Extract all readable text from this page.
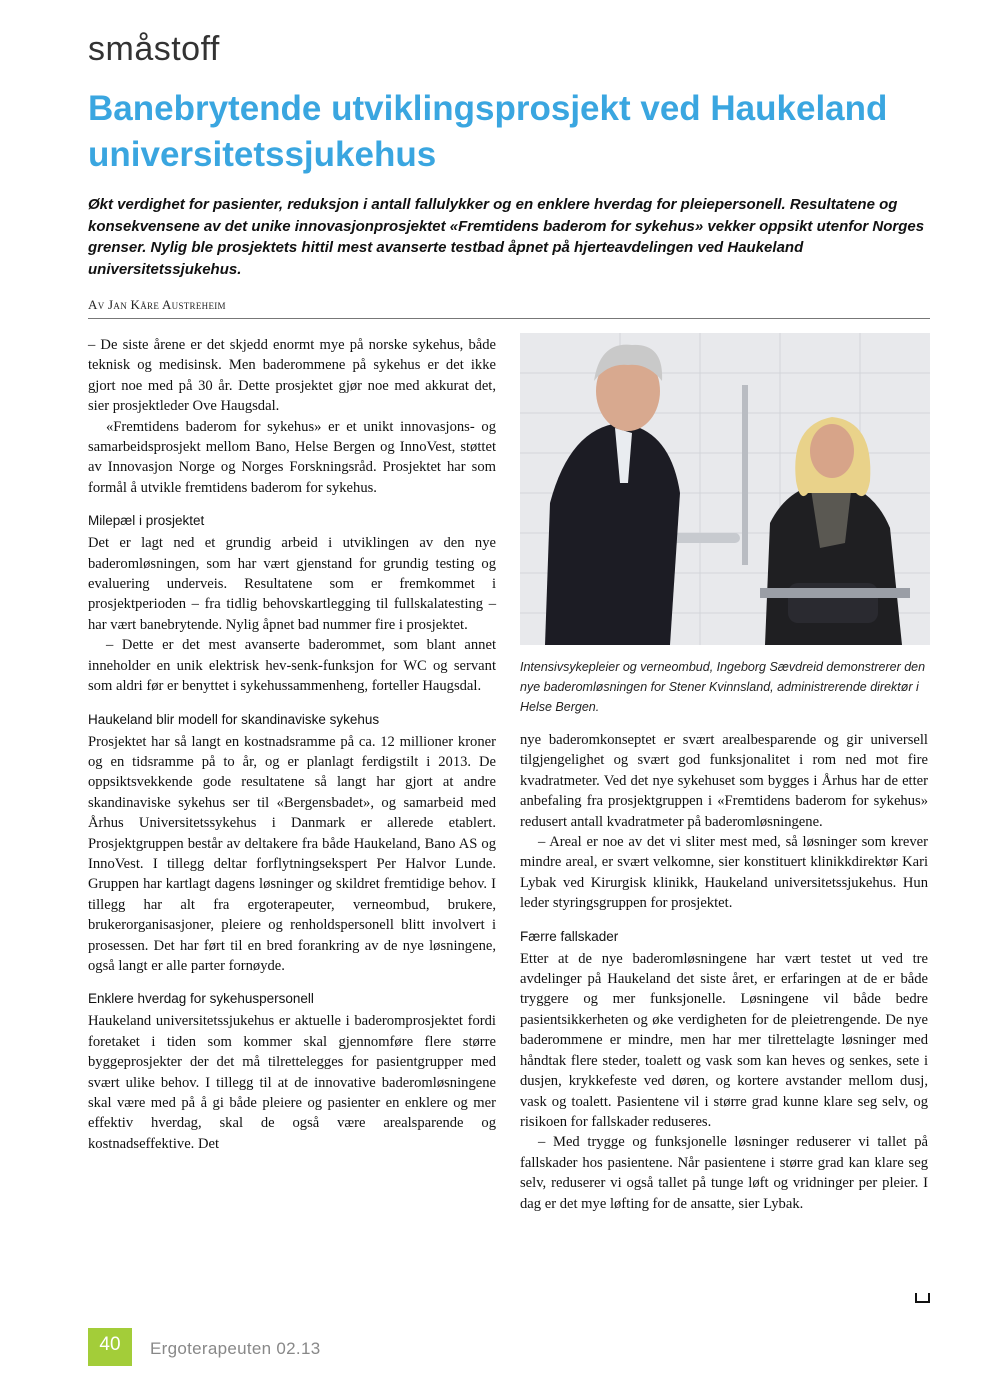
småstoff
Banebrytende utviklingsprosjekt ved Haukeland universitetssjukehus

Økt verdighet for pasienter, reduksjon i antall fallulykker og en enklere hverdag for pleiepersonell. Resultatene og konsekvensene av det unike innovasjonprosjektet «Fremtidens baderom for sykehus» vekker oppsikt utenfor Norges grenser. Nylig ble prosjektets hittil mest avanserte testbad åpnet på hjerteavdelingen ved Haukeland universitetssjukehus.

Av Jan Kåre Austreheim

– De siste årene er det skjedd enormt mye på norske sykehus, både teknisk og medisinsk. Men baderommene på sykehus er det ikke gjort noe med på 30 år. Dette prosjektet gjør noe med akkurat det, sier prosjektleder Ove Haugsdal.

«Fremtidens baderom for sykehus» er et unikt innovasjons- og samarbeidsprosjekt mellom Bano, Helse Bergen og InnoVest, støttet av Innovasjon Norge og Norges Forskningsråd. Prosjektet har som formål å utvikle fremtidens baderom for sykehus.

Milepæl i prosjektet

Det er lagt ned et grundig arbeid i utviklingen av den nye baderomløsningen, som har vært gjenstand for grundig testing og evaluering underveis. Resultatene som er fremkommet i prosjektperioden – fra tidlig behovskartlegging til fullskalatesting – har vært banebrytende. Nylig åpnet bad nummer fire i prosjektet.

– Dette er det mest avanserte baderommet, som blant annet inneholder en unik elektrisk hev-senk-funksjon for WC og servant som aldri før er benyttet i sykehussammenheng, forteller Haugsdal.

Haukeland blir modell for skandinaviske sykehus

Prosjektet har så langt en kostnadsramme på ca. 12 millioner kroner og en tidsramme på to år, og er planlagt ferdigstilt i 2013. De oppsiktsvekkende gode resultatene så langt har gjort at andre skandinaviske sykehus ser til «Bergensbadet», og samarbeid med Århus Universitetssykehus i Danmark er allerede etablert. Prosjektgruppen består av deltakere fra både Haukeland, Bano AS og InnoVest. I tillegg deltar forflytningsekspert Per Halvor Lunde. Gruppen har kartlagt dagens løsninger og skildret fremtidige behov. I tillegg har alt fra ergoterapeuter, verneombud, brukere, brukerorganisasjoner, pleiere og renholdspersonell blitt involvert i prosessen. Det har ført til en bred forankring av de nye løsningene, også langt er alle parter fornøyde.

Enklere hverdag for sykehuspersonell

Haukeland universitetssjukehus er aktuelle i baderomprosjektet fordi foretaket i tiden som kommer skal gjennomføre flere større byggeprosjekter der det må tilrettelegges for pasientgrupper med svært ulike behov. I tillegg til at de innovative baderomløsningene skal være med på å gi både pleiere og pasienter en enklere og mer effektiv hverdag, skal de også være arealsparende og kostnadseffektive. Det

Intensivsykepleier og verneombud, Ingeborg Sævdreid demonstrerer den nye baderomløsningen for Stener Kvinnsland, administrerende direktør i Helse Bergen.

nye baderomkonseptet er svært arealbesparende og gir universell tilgjengelighet og svært god funksjonalitet i rom ned mot fire kvadratmeter. Ved det nye sykehuset som bygges i Århus har de etter anbefaling fra prosjektgruppen i «Fremtidens baderom for sykehus» redusert antall kvadratmeter på baderomløsningene.

– Areal er noe av det vi sliter mest med, så løsninger som krever mindre areal, er svært velkomne, sier konstituert klinikkdirektør Kari Lybak ved Kirurgisk klinikk, Haukeland universitetssjukehus. Hun leder styringsgruppen for prosjektet.

Færre fallskader

Etter at de nye baderomløsningene har vært testet ut ved tre avdelinger på Haukeland det siste året, er erfaringen at de er både tryggere og mer funksjonelle. Løsningene vil både bedre pasientsikkerheten og øke verdigheten for de pleietrengende. De nye baderommene er mindre, men har mer tilrettelagte løsninger med håndtak flere steder, toalett og vask som kan heves og senkes, sete i dusjen, krykkefeste ved døren, og kortere avstander mellom dusj, vask og toalett. Pasientene vil i større grad kunne klare seg selv, og risikoen for fallskader reduseres.

– Med trygge og funksjonelle løsninger reduserer vi tallet på fallskader hos pasientene. Når pasientene i større grad kan klare seg selv, reduserer vi også tallet på tunge løft og vridninger per pleier. I dag er det mye løfting for de ansatte, sier Lybak.

40	Ergoterapeuten 02.13
